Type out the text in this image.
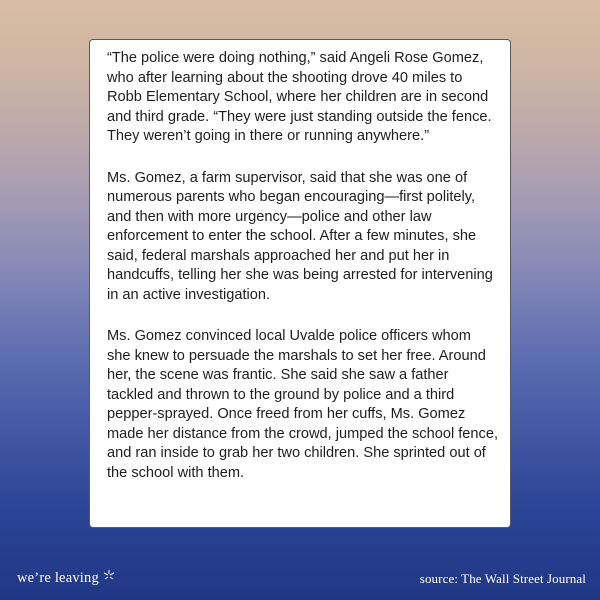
“The police were doing nothing,” said Angeli Rose Gomez, who after learning about the shooting drove 40 miles to Robb Elementary School, where her children are in second and third grade. “They were just standing outside the fence. They weren’t going in there or running anywhere.”

Ms. Gomez, a farm supervisor, said that she was one of numerous parents who began encouraging—first politely, and then with more urgency—police and other law enforcement to enter the school. After a few minutes, she said, federal marshals approached her and put her in handcuffs, telling her she was being arrested for intervening in an active investigation.

Ms. Gomez convinced local Uvalde police officers whom she knew to persuade the marshals to set her free. Around her, the scene was frantic. She said she saw a father tackled and thrown to the ground by police and a third pepper-sprayed. Once freed from her cuffs, Ms. Gomez made her distance from the crowd, jumped the school fence, and ran inside to grab her two children. She sprinted out of the school with them.

we’re leaving	source: The Wall Street Journal
